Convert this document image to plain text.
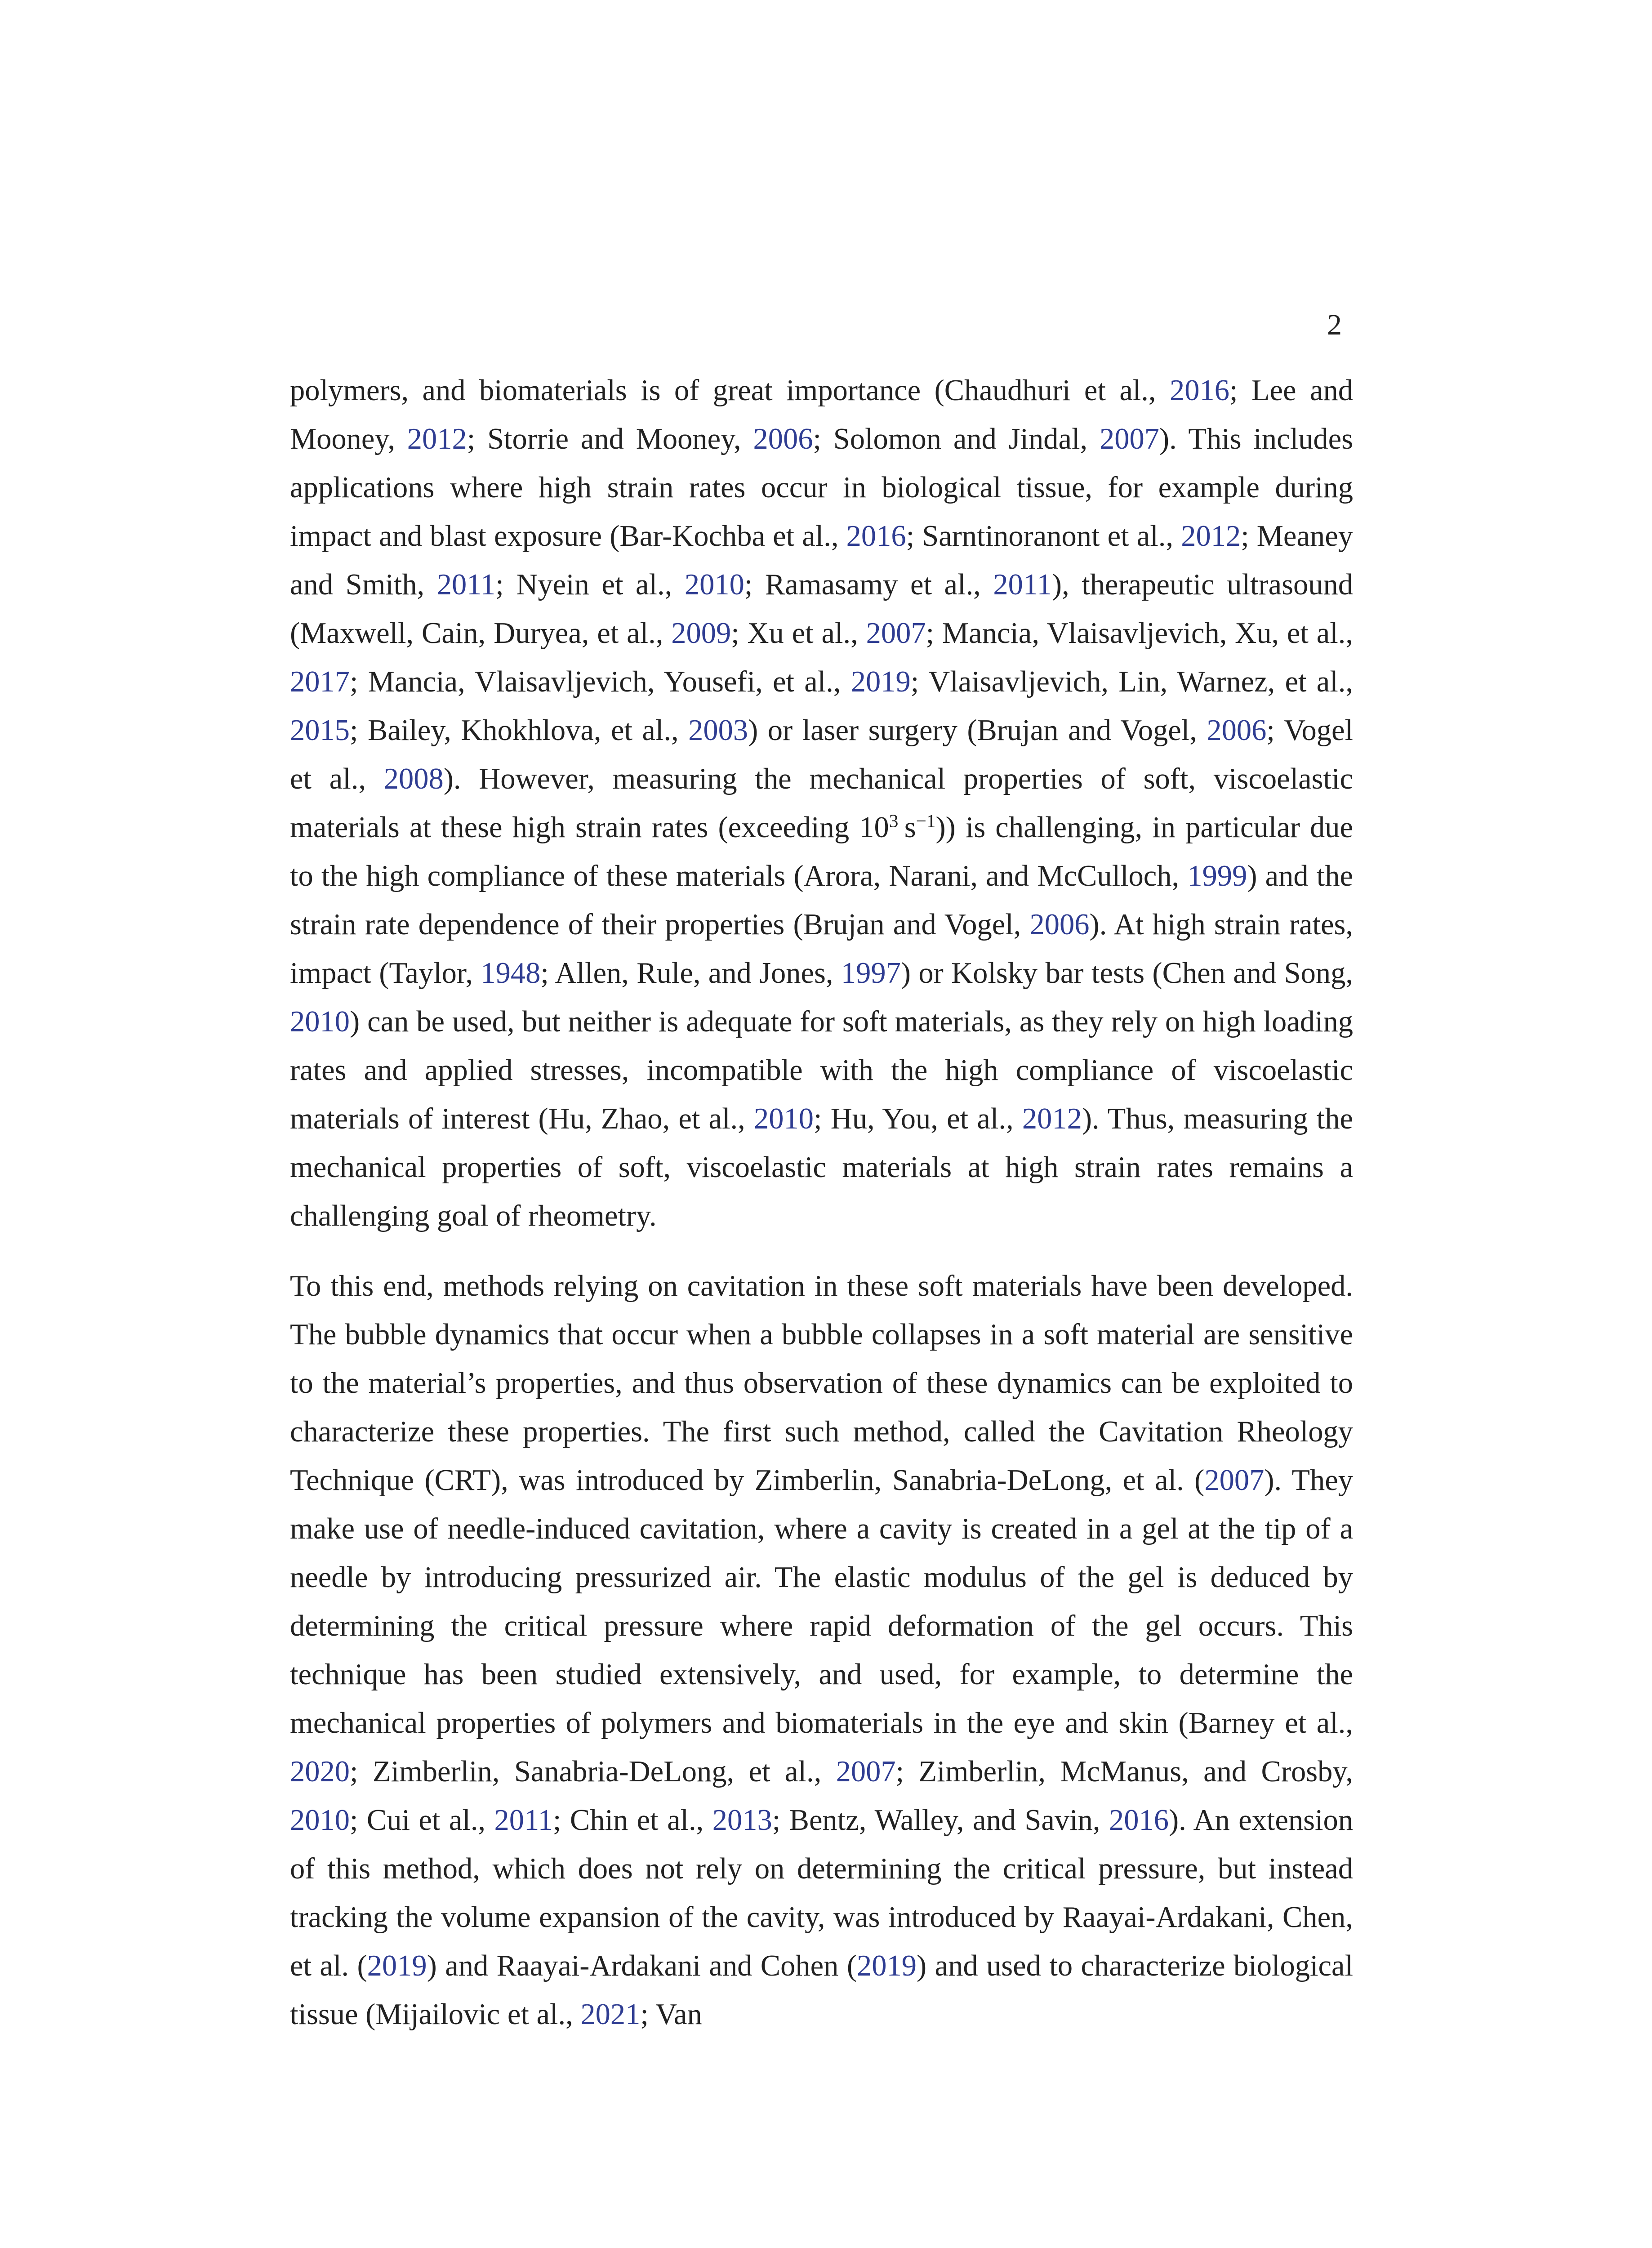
2

polymers, and biomaterials is of great importance (Chaudhuri et al., 2016; Lee and Mooney, 2012; Storrie and Mooney, 2006; Solomon and Jindal, 2007). This includes applications where high strain rates occur in biological tissue, for example during impact and blast exposure (Bar-Kochba et al., 2016; Sarntinoranont et al., 2012; Meaney and Smith, 2011; Nyein et al., 2010; Ramasamy et al., 2011), therapeutic ultrasound (Maxwell, Cain, Duryea, et al., 2009; Xu et al., 2007; Mancia, Vlaisavljevich, Xu, et al., 2017; Mancia, Vlaisavljevich, Yousefi, et al., 2019; Vlaisavljevich, Lin, Warnez, et al., 2015; Bailey, Khokhlova, et al., 2003) or laser surgery (Brujan and Vogel, 2006; Vogel et al., 2008). However, measuring the mechanical properties of soft, viscoelastic materials at these high strain rates (exceeding $10^3$ $s^{-1}$)) is challenging, in particular due to the high compliance of these materials (Arora, Narani, and McCulloch, 1999) and the strain rate dependence of their properties (Brujan and Vogel, 2006). At high strain rates, impact (Taylor, 1948; Allen, Rule, and Jones, 1997) or Kolsky bar tests (Chen and Song, 2010) can be used, but neither is adequate for soft materials, as they rely on high loading rates and applied stresses, incompatible with the high compliance of viscoelastic materials of interest (Hu, Zhao, et al., 2010; Hu, You, et al., 2012). Thus, measuring the mechanical properties of soft, viscoelastic materials at high strain rates remains a challenging goal of rheometry.

To this end, methods relying on cavitation in these soft materials have been developed. The bubble dynamics that occur when a bubble collapses in a soft material are sensitive to the material’s properties, and thus observation of these dynamics can be exploited to characterize these properties. The first such method, called the Cavitation Rheology Technique (CRT), was introduced by Zimberlin, Sanabria-DeLong, et al. (2007). They make use of needle-induced cavitation, where a cavity is created in a gel at the tip of a needle by introducing pressurized air. The elastic modulus of the gel is deduced by determining the critical pressure where rapid deformation of the gel occurs. This technique has been studied extensively, and used, for example, to determine the mechanical properties of polymers and biomaterials in the eye and skin (Barney et al., 2020; Zimberlin, Sanabria-DeLong, et al., 2007; Zimberlin, McManus, and Crosby, 2010; Cui et al., 2011; Chin et al., 2013; Bentz, Walley, and Savin, 2016). An extension of this method, which does not rely on determining the critical pressure, but instead tracking the volume expansion of the cavity, was introduced by Raayai-Ardakani, Chen, et al. (2019) and Raayai-Ardakani and Cohen (2019) and used to characterize biological tissue (Mijailovic et al., 2021; Van
